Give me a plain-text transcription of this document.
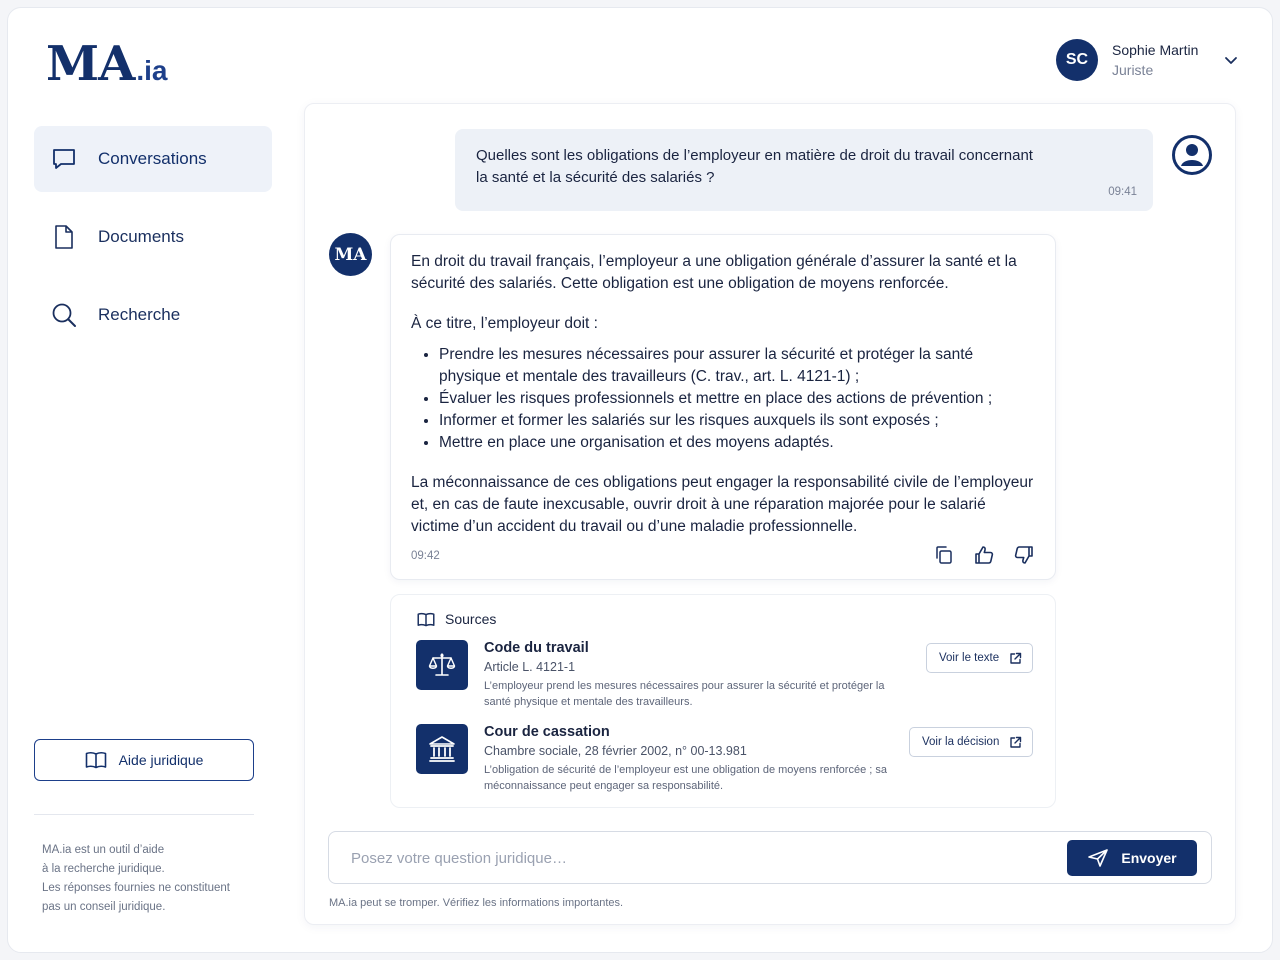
MA .ia	SC
Sophie Martin
Juriste
Conversations
Documents
Recherche
Aide juridique
MA.ia est un outil d’aide
à la recherche juridique.
Les réponses fournies ne constituent
pas un conseil juridique.
Quelles sont les obligations de l’employeur en matière de droit du travail concernant la santé et la sécurité des salariés ?
09:41
MA	En droit du travail français, l’employeur a une obligation générale d’assurer la santé et la sécurité des salariés. Cette obligation est une obligation de moyens renforcée.

À ce titre, l’employeur doit :

• Prendre les mesures nécessaires pour assurer la sécurité et protéger la santé physique et mentale des travailleurs (C. trav., art. L. 4121-1) ;
• Évaluer les risques professionnels et mettre en place des actions de prévention ;
• Informer et former les salariés sur les risques auxquels ils sont exposés ;
• Mettre en place une organisation et des moyens adaptés.

La méconnaissance de ces obligations peut engager la responsabilité civile de l’employeur et, en cas de faute inexcusable, ouvrir droit à une réparation majorée pour le salarié victime d’un accident du travail ou d’une maladie professionnelle.

09:42
Sources
Code du travail
Article L. 4121-1
L’employeur prend les mesures nécessaires pour assurer la sécurité et protéger la santé physique et mentale des travailleurs.
Voir le texte
Cour de cassation
Chambre sociale, 28 février 2002, n° 00-13.981
L’obligation de sécurité de l’employeur est une obligation de moyens renforcée ; sa méconnaissance peut engager sa responsabilité.
Voir la décision
Posez votre question juridique…
Envoyer
MA.ia peut se tromper. Vérifiez les informations importantes.
